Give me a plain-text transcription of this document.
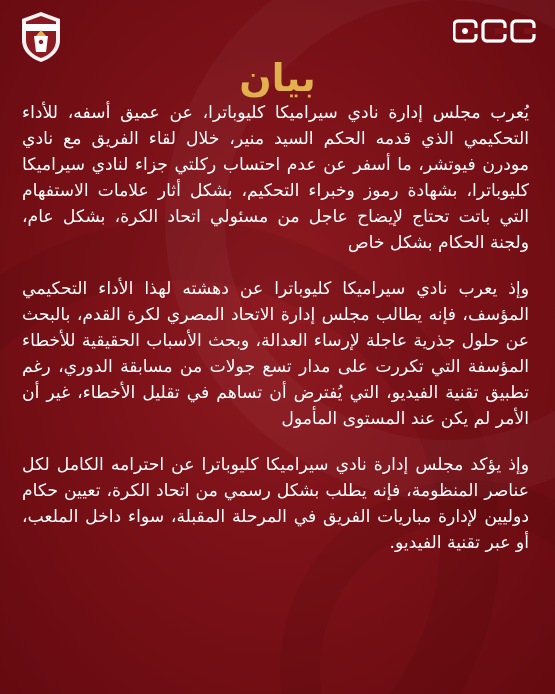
بيان

يُعرب مجلس إدارة نادي سيراميكا كليوباترا، عن عميق أسفه، للأداء التحكيمي الذي قدمه الحكم السيد منير، خلال لقاء الفريق مع نادي مودرن فيوتشر، ما أسفر عن عدم احتساب ركلتي جزاء لنادي سيراميكا كليوباترا، بشهادة رموز وخبراء التحكيم، بشكل أثار علامات الاستفهام التي باتت تحتاج لإيضاح عاجل من مسئولي اتحاد الكرة، بشكل عام، ولجنة الحكام بشكل خاص

وإذ يعرب نادي سيراميكا كليوباترا عن دهشته لهذا الأداء التحكيمي المؤسف، فإنه يطالب مجلس إدارة الاتحاد المصري لكرة القدم، بالبحث عن حلول جذرية عاجلة لإرساء العدالة، وبحث الأسباب الحقيقية للأخطاء المؤسفة التي تكررت على مدار تسع جولات من مسابقة الدوري، رغم تطبيق تقنية الفيديو، التي يُفترض أن تساهم في تقليل الأخطاء، غير أن الأمر لم يكن عند المستوى المأمول

وإذ يؤكد مجلس إدارة نادي سيراميكا كليوباترا عن احترامه الكامل لكل عناصر المنظومة، فإنه يطلب بشكل رسمي من اتحاد الكرة، تعيين حكام دوليين لإدارة مباريات الفريق في المرحلة المقبلة، سواء داخل الملعب، أو عبر تقنية الفيديو.
